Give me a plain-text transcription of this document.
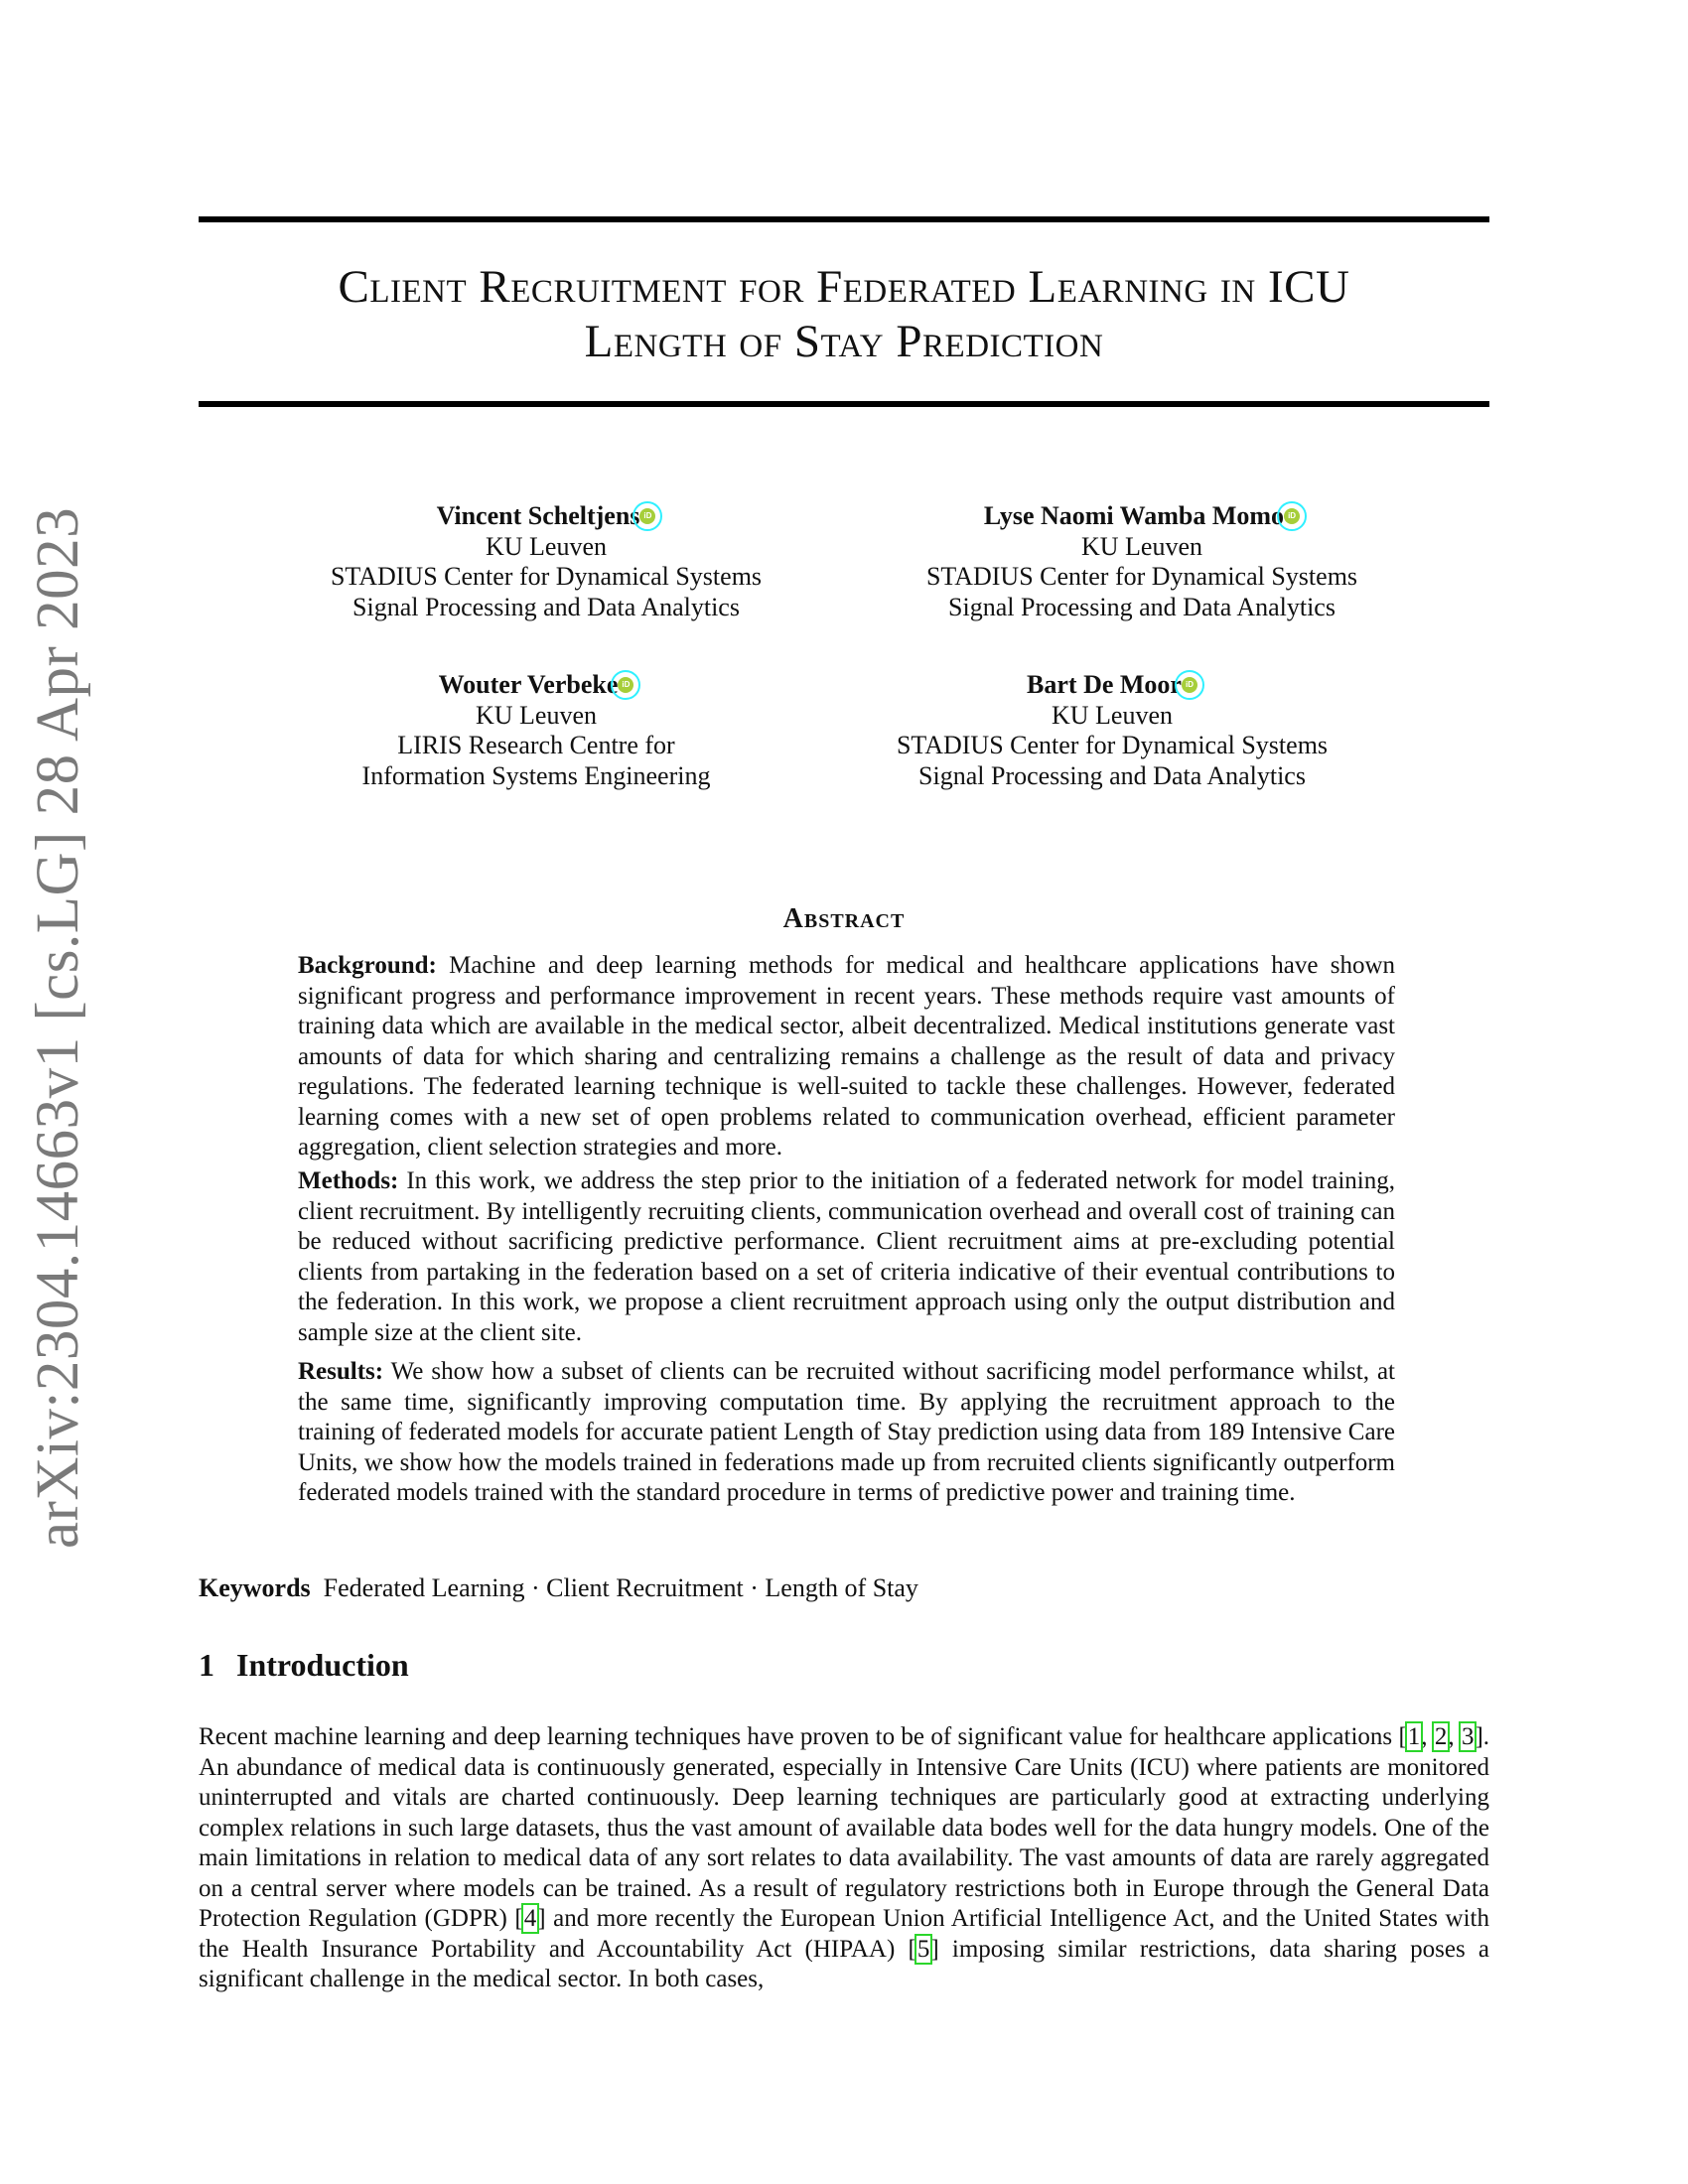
arXiv:2304.14663v1 [cs.LG] 28 Apr 2023
Client Recruitment for Federated Learning in ICU
Length of Stay Prediction
Vincent Scheltjens iD
KU Leuven
STADIUS Center for Dynamical Systems
Signal Processing and Data Analytics
Lyse Naomi Wamba Momo iD
KU Leuven
STADIUS Center for Dynamical Systems
Signal Processing and Data Analytics
Wouter Verbeke iD
KU Leuven
LIRIS Research Centre for
Information Systems Engineering
Bart De Moor iD
KU Leuven
STADIUS Center for Dynamical Systems
Signal Processing and Data Analytics
Abstract
Background: Machine and deep learning methods for medical and healthcare applications have shown significant progress and performance improvement in recent years. These methods require vast amounts of training data which are available in the medical sector, albeit decentralized. Medical institutions generate vast amounts of data for which sharing and centralizing remains a challenge as the result of data and privacy regulations. The federated learning technique is well-suited to tackle these challenges. However, federated learning comes with a new set of open problems related to communication overhead, efficient parameter aggregation, client selection strategies and more.
Methods: In this work, we address the step prior to the initiation of a federated network for model training, client recruitment. By intelligently recruiting clients, communication overhead and overall cost of training can be reduced without sacrificing predictive performance. Client recruitment aims at pre-excluding potential clients from partaking in the federation based on a set of criteria indicative of their eventual contributions to the federation. In this work, we propose a client recruitment approach using only the output distribution and sample size at the client site.
Results: We show how a subset of clients can be recruited without sacrificing model performance whilst, at the same time, significantly improving computation time. By applying the recruitment approach to the training of federated models for accurate patient Length of Stay prediction using data from 189 Intensive Care Units, we show how the models trained in federations made up from recruited clients significantly outperform federated models trained with the standard procedure in terms of predictive power and training time.
Keywords Federated Learning · Client Recruitment · Length of Stay
1 Introduction
Recent machine learning and deep learning techniques have proven to be of significant value for healthcare applications [1, 2, 3]. An abundance of medical data is continuously generated, especially in Intensive Care Units (ICU) where patients are monitored uninterrupted and vitals are charted continuously. Deep learning techniques are particularly good at extracting underlying complex relations in such large datasets, thus the vast amount of available data bodes well for the data hungry models. One of the main limitations in relation to medical data of any sort relates to data availability. The vast amounts of data are rarely aggregated on a central server where models can be trained. As a result of regulatory restrictions both in Europe through the General Data Protection Regulation (GDPR) [4] and more recently the European Union Artificial Intelligence Act, and the United States with the Health Insurance Portability and Accountability Act (HIPAA) [5] imposing similar restrictions, data sharing poses a significant challenge in the medical sector. In both cases,
